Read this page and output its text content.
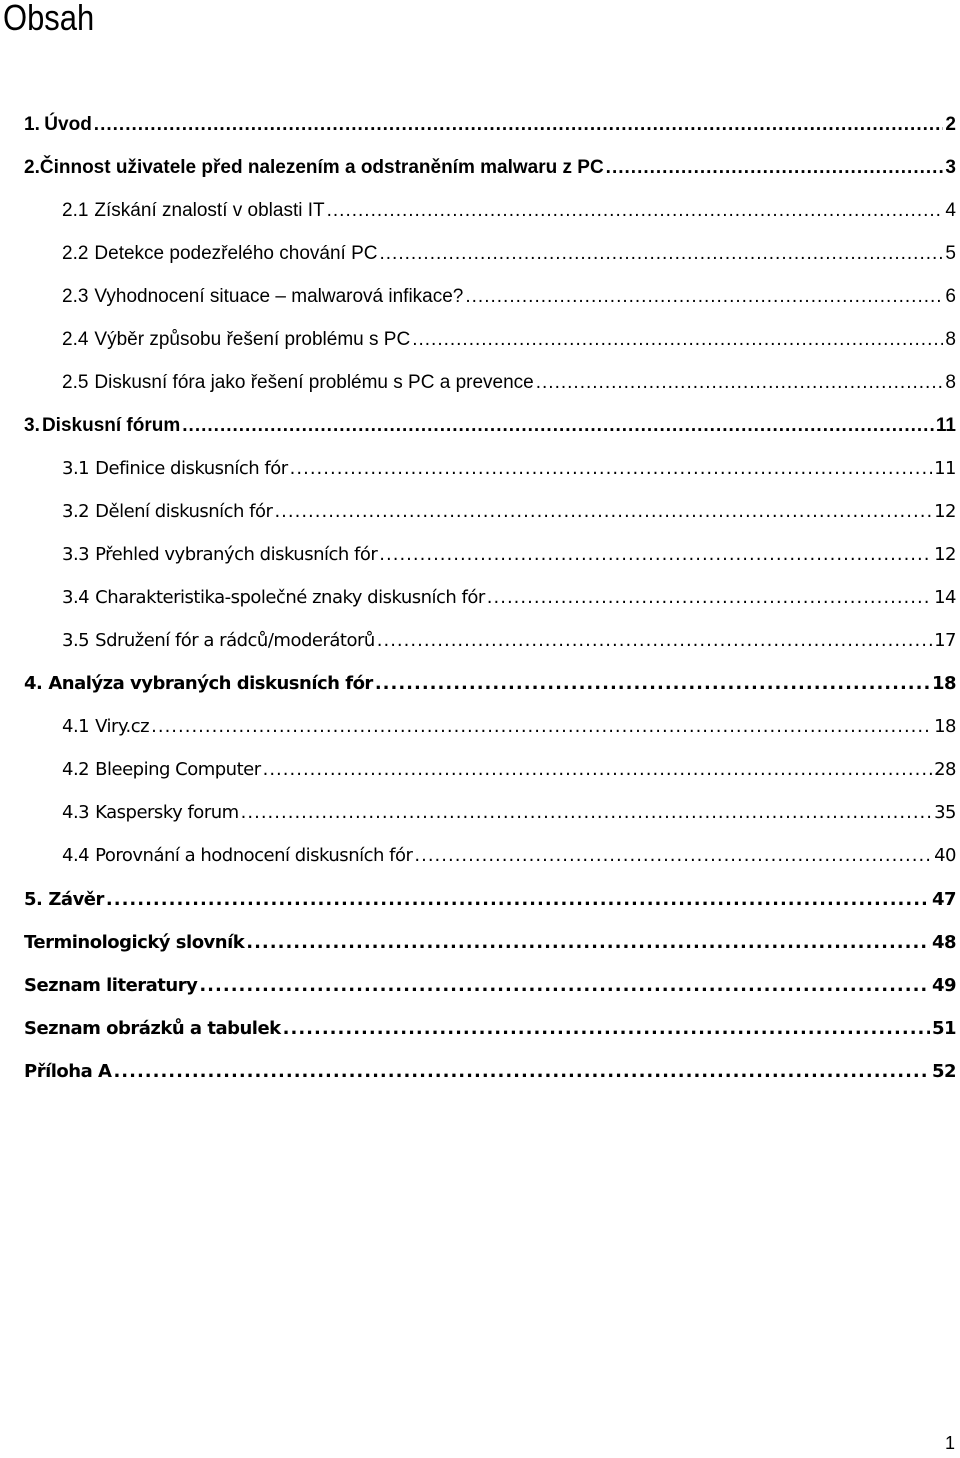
Obsah
1. Úvod .....	2
2. Činnost uživatele před nalezením a odstraněním malwaru z PC .....	3
2.1 Získání znalostí v oblasti IT .....	4
2.2 Detekce podezřelého chování PC .....	5
2.3 Vyhodnocení situace – malwarová infikace? .....	6
2.4 Výběr způsobu řešení problému s PC .....	8
2.5 Diskusní fóra jako řešení problému s PC a prevence .....	8
3. Diskusní fórum .....	11
3.1 Definice diskusních fór .....	11
3.2 Dělení diskusních fór .....	12
3.3 Přehled vybraných diskusních fór .....	12
3.4 Charakteristika-společné znaky diskusních fór .....	14
3.5 Sdružení fór a rádců/moderátorů .....	17
4. Analýza vybraných diskusních fór .....	18
4.1 Viry.cz .....	18
4.2 Bleeping Computer .....	28
4.3 Kaspersky forum .....	35
4.4 Porovnání a hodnocení diskusních fór .....	40
5. Závěr .....	47
Terminologický slovník .....	48
Seznam literatury .....	49
Seznam obrázků a tabulek .....	51
Příloha A .....	52
1
